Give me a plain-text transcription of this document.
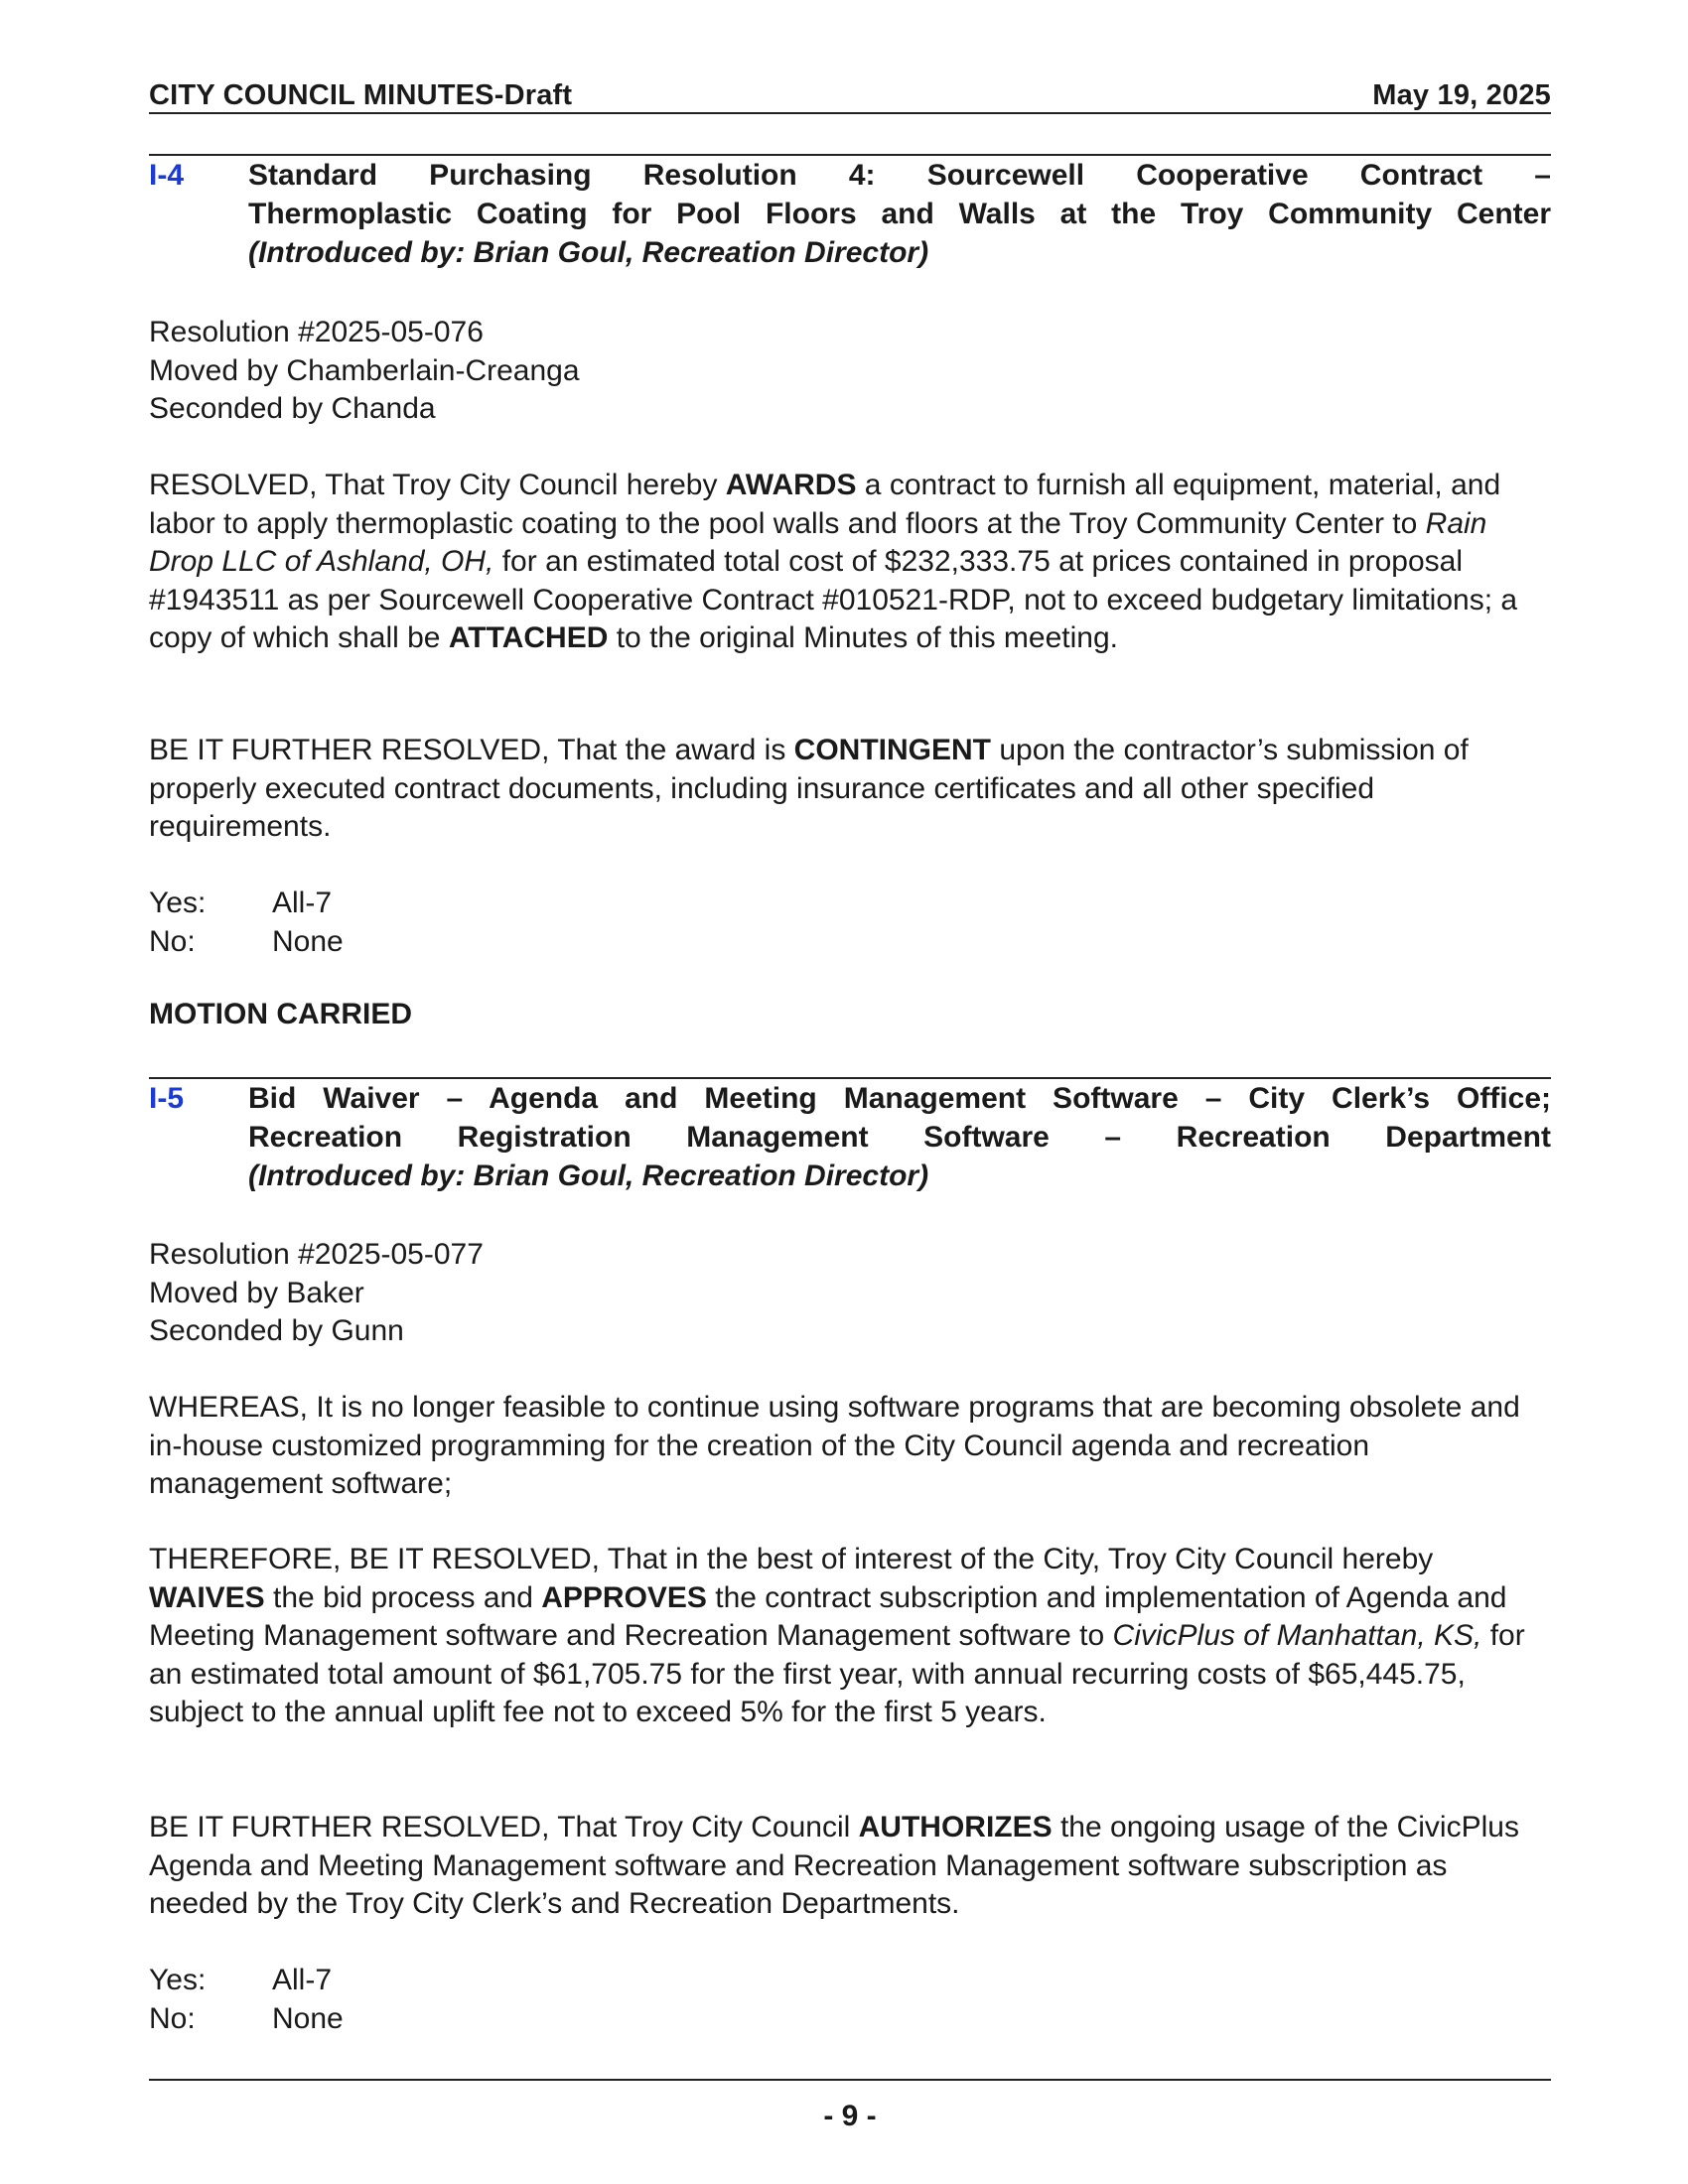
CITY COUNCIL MINUTES-Draft	May 19, 2025
I-4 Standard Purchasing Resolution 4: Sourcewell Cooperative Contract –
Thermoplastic Coating for Pool Floors and Walls at the Troy Community Center
(Introduced by: Brian Goul, Recreation Director)

Resolution #2025-05-076

Moved by Chamberlain-Creanga

Seconded by Chanda

RESOLVED, That Troy City Council hereby AWARDS a contract to furnish all equipment, material, and labor to apply thermoplastic coating to the pool walls and floors at the Troy Community Center to Rain Drop LLC of Ashland, OH, for an estimated total cost of $232,333.75 at prices contained in proposal #1943511 as per Sourcewell Cooperative Contract #010521-RDP, not to exceed budgetary limitations; a copy of which shall be ATTACHED to the original Minutes of this meeting.

BE IT FURTHER RESOLVED, That the award is CONTINGENT upon the contractor’s submission of properly executed contract documents, including insurance certificates and all other specified requirements.

Yes:	All-7
No:	None
MOTION CARRIED
I-5 Bid Waiver – Agenda and Meeting Management Software – City Clerk’s Office;
Recreation Registration Management Software – Recreation Department
(Introduced by: Brian Goul, Recreation Director)

Resolution #2025-05-077

Moved by Baker

Seconded by Gunn

WHEREAS, It is no longer feasible to continue using software programs that are becoming obsolete and in-house customized programming for the creation of the City Council agenda and recreation management software;

THEREFORE, BE IT RESOLVED, That in the best of interest of the City, Troy City Council hereby WAIVES the bid process and APPROVES the contract subscription and implementation of Agenda and Meeting Management software and Recreation Management software to CivicPlus of Manhattan, KS, for an estimated total amount of $61,705.75 for the first year, with annual recurring costs of $65,445.75, subject to the annual uplift fee not to exceed 5% for the first 5 years.

BE IT FURTHER RESOLVED, That Troy City Council AUTHORIZES the ongoing usage of the CivicPlus Agenda and Meeting Management software and Recreation Management software subscription as needed by the Troy City Clerk’s and Recreation Departments.

Yes:	All-7
No:	None
- 9 -
